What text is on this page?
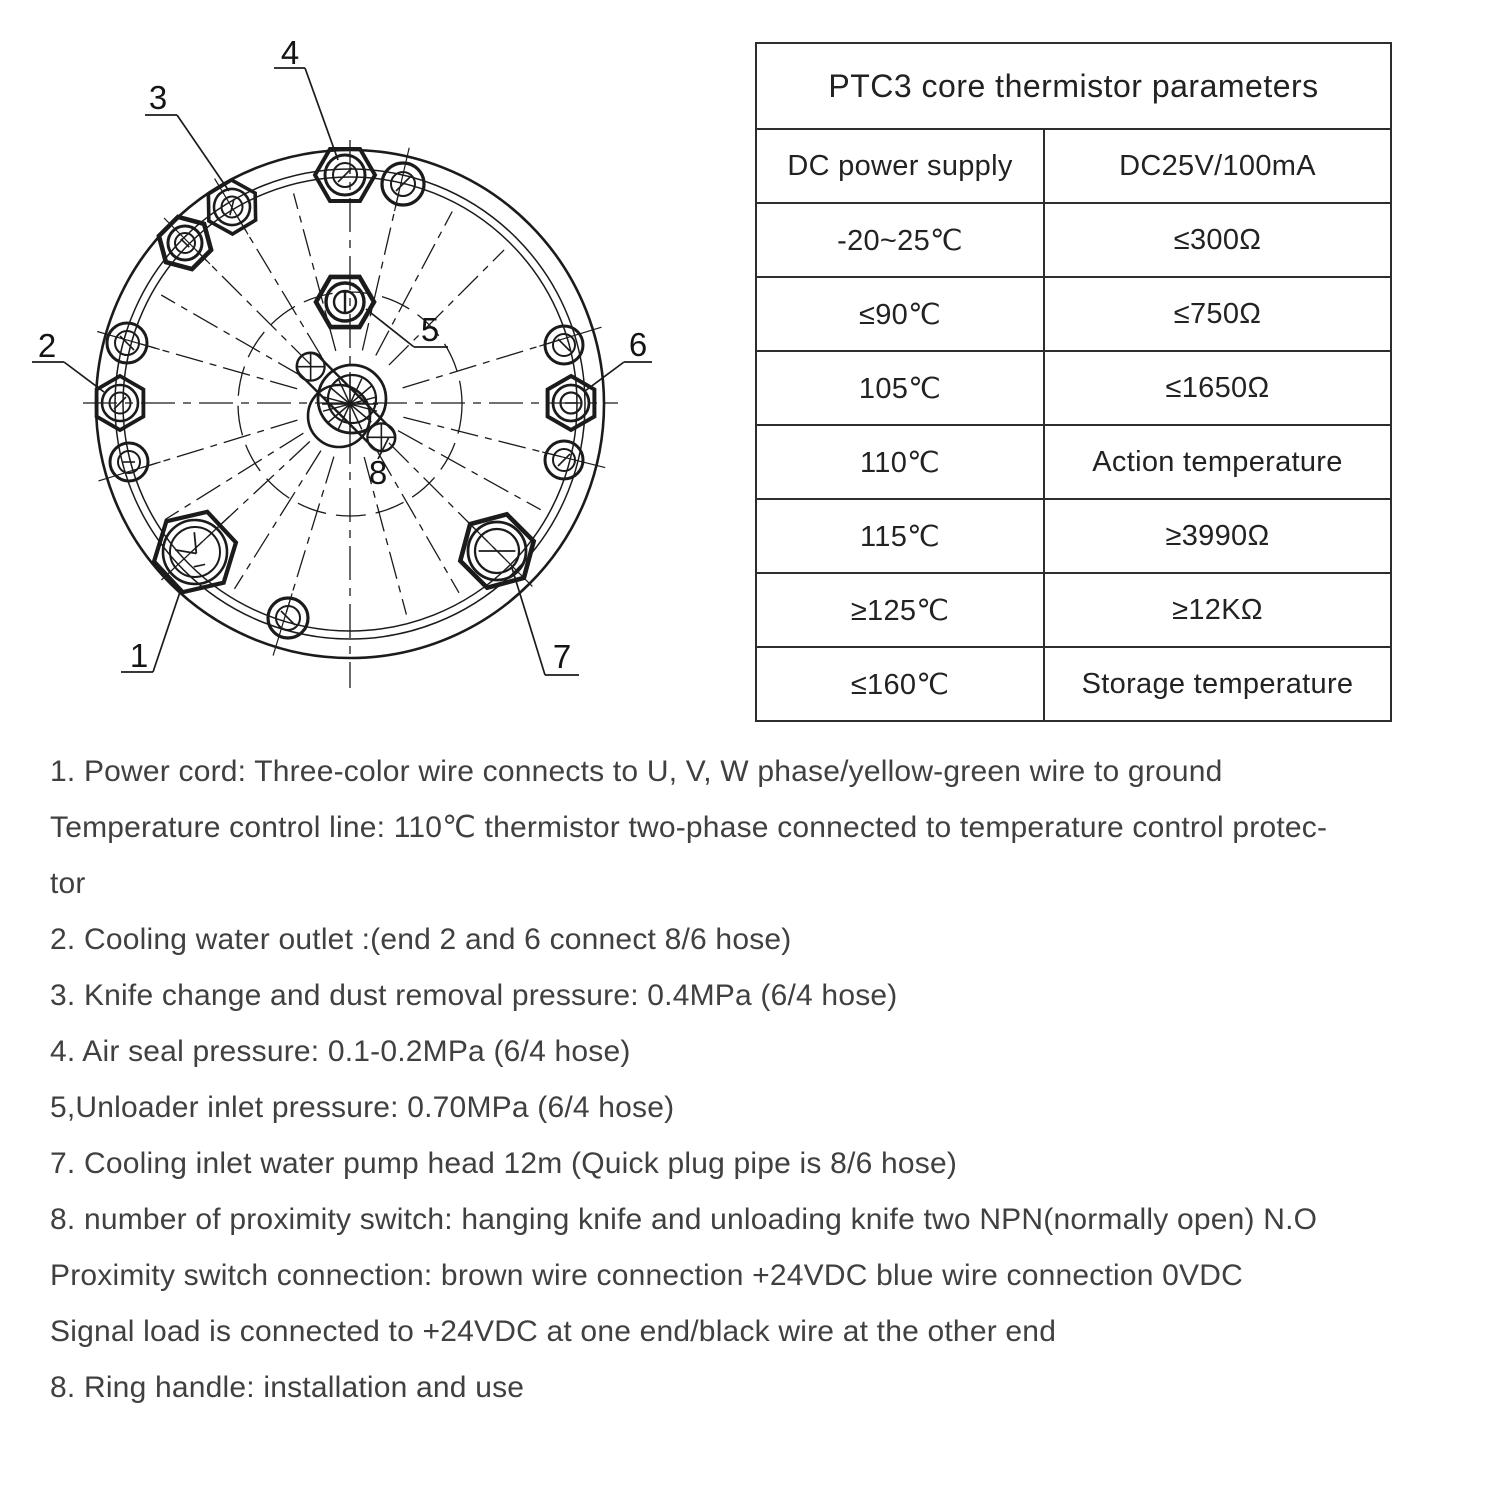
4
3
2	5	6
8
1	7
PTC3 core thermistor parameters	
DC power supply	DC25V/100mA
-20~25℃	≤300Ω
≤90℃	≤750Ω
105℃	≤1650Ω
110℃	Action temperature
115℃	≥3990Ω
≥125℃	≥12KΩ
≤160℃	Storage temperature
1. Power cord: Three-color wire connects to U, V, W phase/yellow-green wire to ground
Temperature control line: 110℃ thermistor two-phase connected to temperature control protec-
tor
2. Cooling water outlet :(end 2 and 6 connect 8/6 hose)
3. Knife change and dust removal pressure: 0.4MPa (6/4 hose)
4. Air seal pressure: 0.1-0.2MPa (6/4 hose)
5,Unloader inlet pressure: 0.70MPa (6/4 hose)
7. Cooling inlet water pump head 12m (Quick plug pipe is 8/6 hose)
8. number of proximity switch: hanging knife and unloading knife two NPN(normally open) N.O
Proximity switch connection: brown wire connection +24VDC blue wire connection 0VDC
Signal load is connected to +24VDC at one end/black wire at the other end
8. Ring handle: installation and use
